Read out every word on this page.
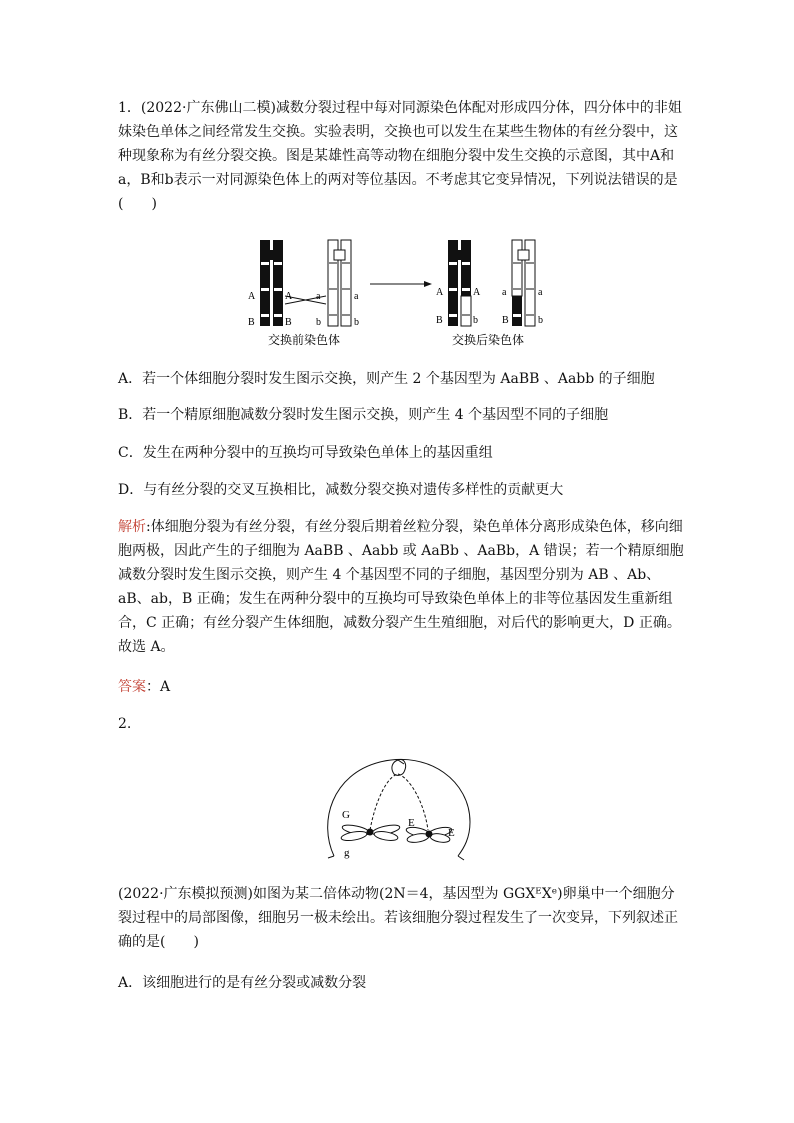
1．(2022·广东佛山二模)减数分裂过程中每对同源染色体配对形成四分体，四分体中的非姐妹染色单体之间经常发生交换。实验表明，交换也可以发生在某些生物体的有丝分裂中，这种现象称为有丝分裂交换。图是某雄性高等动物在细胞分裂中发生交换的示意图，其中A和a，B和b表示一对同源染色体上的两对等位基因。不考虑其它变异情况，下列说法错误的是(　　)
A	A a	a
B	B b	b
A	A a	a
B	b B	b
交换前染色体	交换后染色体
A．若一个体细胞分裂时发生图示交换，则产生 2 个基因型为 AaBB 、Aabb 的子细胞
B．若一个精原细胞减数分裂时发生图示交换，则产生 4 个基因型不同的子细胞
C．发生在两种分裂中的互换均可导致染色单体上的基因重组
D．与有丝分裂的交叉互换相比，减数分裂交换对遗传多样性的贡献更大
解析:体细胞分裂为有丝分裂，有丝分裂后期着丝粒分裂，染色单体分离形成染色体，移向细胞两极，因此产生的子细胞为 AaBB 、Aabb 或 AaBb 、AaBb，A 错误；若一个精原细胞减数分裂时发生图示交换，则产生 4 个基因型不同的子细胞，基因型分别为 AB 、Ab、aB、ab，B 正确；发生在两种分裂中的互换均可导致染色单体上的非等位基因发生重新组合，C 正确；有丝分裂产生体细胞，减数分裂产生生殖细胞，对后代的影响更大，D 正确。故选 A。
答案：A
2.
G
g
E
E
(2022·广东模拟预测)如图为某二倍体动物(2N＝4，基因型为 GGXᴱXᵉ)卵巢中一个细胞分裂过程中的局部图像，细胞另一极未绘出。若该细胞分裂过程发生了一次变异，下列叙述正确的是(　　)
A．该细胞进行的是有丝分裂或减数分裂
